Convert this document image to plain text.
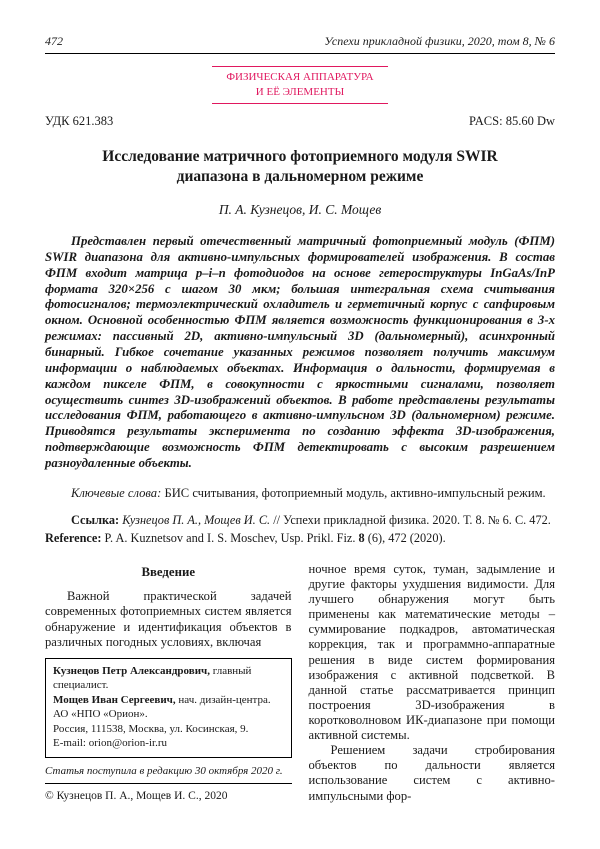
472	Успехи прикладной физики, 2020, том 8, № 6
ФИЗИЧЕСКАЯ АППАРАТУРА
И ЕЁ ЭЛЕМЕНТЫ
УДК 621.383	PACS: 85.60 Dw
Исследование матричного фотоприемного модуля SWIR диапазона в дальномерном режиме
П. А. Кузнецов, И. С. Мощев

Представлен первый отечественный матричный фотоприемный модуль (ФПМ) SWIR диапазона для активно-импульсных формирователей изображения. В состав ФПМ входит матрица p–i–n фотодиодов на основе гетероструктуры InGaAs/InP формата 320×256 с шагом 30 мкм; большая интегральная схема считывания фотосигналов; термоэлектрический охладитель и герметичный корпус с сапфировым окном. Основной особенностью ФПМ является возможность функционирования в 3-х режимах: пассивный 2D, активно-импульсный 3D (дальномерный), асинхронный бинарный. Гибкое сочетание указанных режимов позволяет получить максимум информации о наблюдаемых объектах. Информация о дальности, формируемая в каждом пикселе ФПМ, в совокупности с яркостными сигналами, позволяет осуществить синтез 3D-изображений объектов. В работе представлены результаты исследования ФПМ, работающего в активно-импульсном 3D (дальномерном) режиме. Приводятся результаты эксперимента по созданию эффекта 3D-изображения, подтверждающие возможность ФПМ детектировать с высоким разрешением разноудаленные объекты.

Ключевые слова: БИС считывания, фотоприемный модуль, активно-импульсный режим.

Ссылка: Кузнецов П. А., Мощев И. С. // Успехи прикладной физика. 2020. Т. 8. № 6. С. 472.

Reference: P. A. Kuznetsov and I. S. Moschev, Usp. Prikl. Fiz. 8 (6), 472 (2020).

Введение

Важной практической задачей современных фотоприемных систем является обнаружение и идентификация объектов в различных погодных условиях, включая

Кузнецов Петр Александрович, главный специалист.
Мощев Иван Сергеевич, нач. дизайн-центра.
АО «НПО «Орион».
Россия, 111538, Москва, ул. Косинская, 9.
E-mail: orion@orion-ir.ru

Статья поступила в редакцию 30 октября 2020 г.

© Кузнецов П. А., Мощев И. С., 2020

ночное время суток, туман, задымление и другие факторы ухудшения видимости. Для лучшего обнаружения могут быть применены как математические методы – суммирование подкадров, автоматическая коррекция, так и программно-аппаратные решения в виде систем формирования изображения с активной подсветкой. В данной статье рассматривается принцип построения 3D-изображения в коротковолновом ИК-диапазоне при помощи активной системы.

Решением задачи стробирования объектов по дальности является использование систем с активно-импульсными фор-
